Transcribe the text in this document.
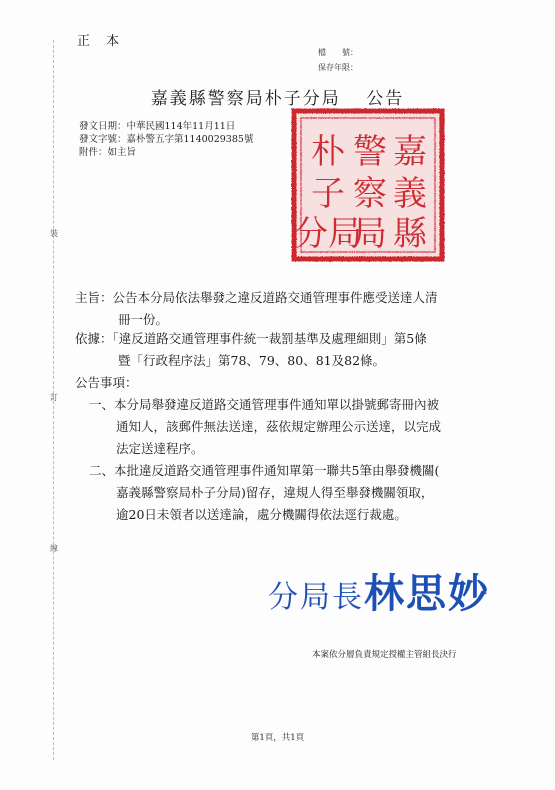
正 本
檔　　號：
保存年限：
嘉義縣警察局朴子分局 公告
發文日期：中華民國114年11月11日
發文字號：嘉朴警五字第1140029385號
附件：如主旨	嘉
義
縣
警
察
局
朴
子
分局
裝
訂
線
主旨：公告本分局依法舉發之違反道路交通管理事件應受送達人清
冊一份。
依據：「違反道路交通管理事件統一裁罰基準及處理細則」第5條
暨「行政程序法」第78、79、80、81及82條。
公告事項：
一、本分局舉發違反道路交通管理事件通知單以掛號郵寄冊內被
通知人，該郵件無法送達，茲依規定辦理公示送達，以完成
法定送達程序。
二、本批違反道路交通管理事件通知單第一聯共5筆由舉發機關(
嘉義縣警察局朴子分局)留存，違規人得至舉發機關領取，
逾20日未領者以送達論，處分機關得依法逕行裁處。
分局長林思妙
本案依分層負責規定授權主管組長決行
第1頁，共1頁
